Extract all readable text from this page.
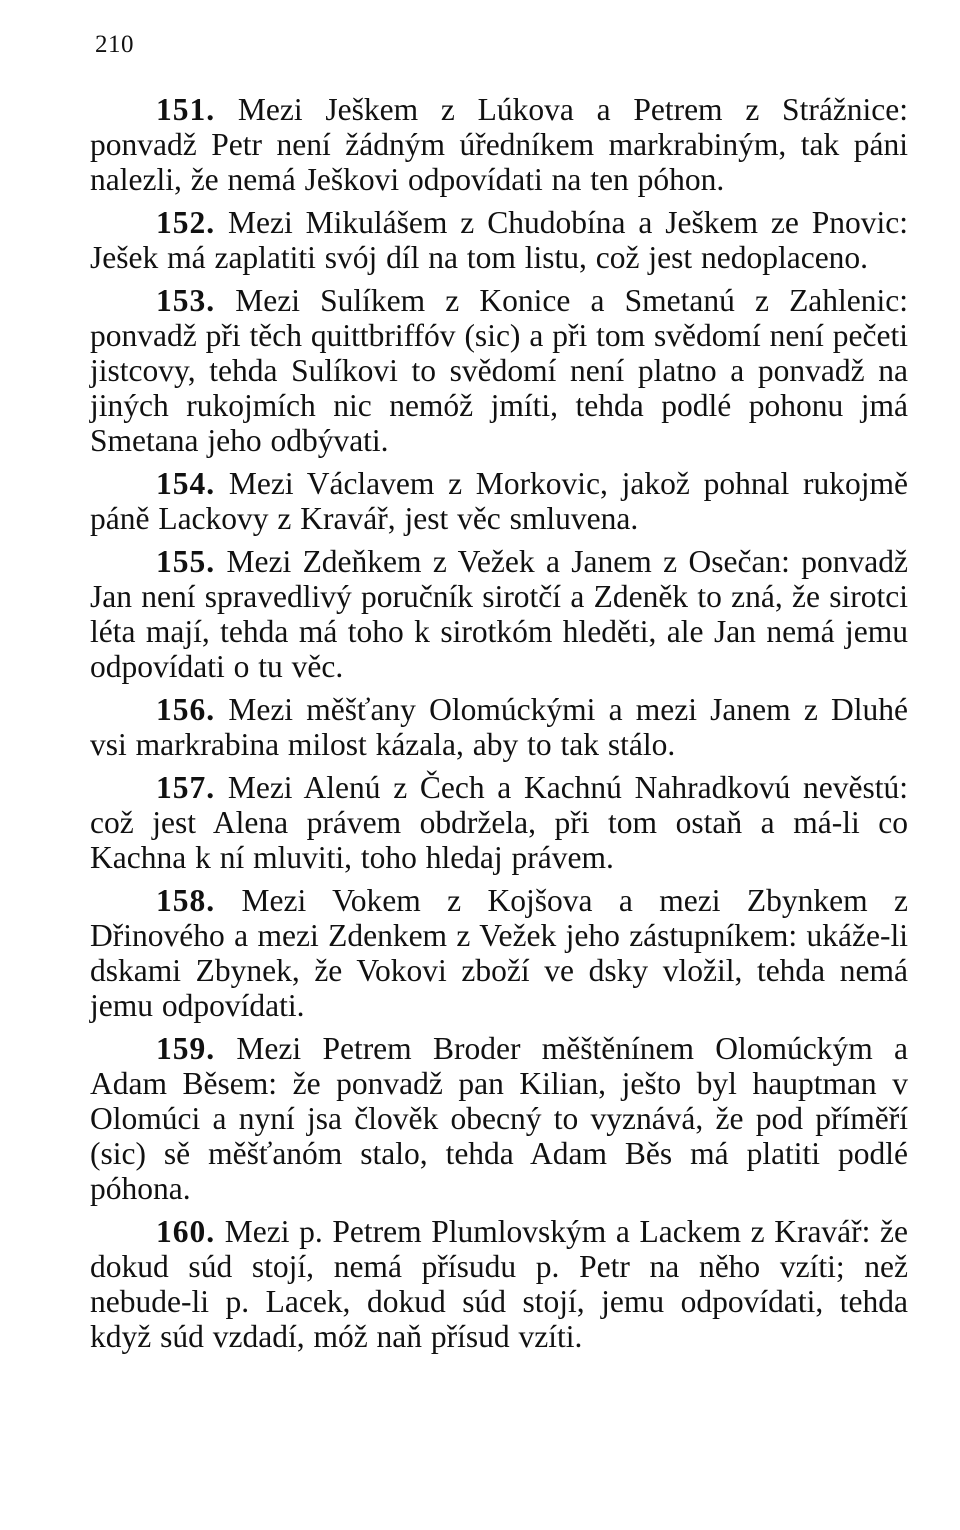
210

151. Mezi Ješkem z Lúkova a Petrem z Strážnice: ponvadž Petr není žádným úředníkem markrabiným, tak páni nalezli, že nemá Ješkovi odpovídati na ten póhon.

152. Mezi Mikulášem z Chudobína a Ješkem ze Pnovic: Ješek má zaplatiti svój díl na tom listu, což jest nedoplaceno.

153. Mezi Sulíkem z Konice a Smetanú z Zahlenic: ponvadž při těch quittbriffóv (sic) a při tom svědomí není pečeti jistcovy, tehda Sulíkovi to svědomí není platno a ponvadž na jiných rukojmích nic nemóž jmíti, tehda podlé pohonu jmá Smetana jeho odbývati.

154. Mezi Václavem z Morkovic, jakož pohnal rukojmě páně Lackovy z Kravář, jest věc smluvena.

155. Mezi Zdeňkem z Vežek a Janem z Osečan: ponvadž Jan není spravedlivý poručník sirotčí a Zdeněk to zná, že sirotci léta mají, tehda má toho k sirotkóm hleděti, ale Jan nemá jemu odpovídati o tu věc.

156. Mezi měšťany Olomúckými a mezi Janem z Dluhé vsi markrabina milost kázala, aby to tak stálo.

157. Mezi Alenú z Čech a Kachnú Nahradkovú nevěstú: což jest Alena právem obdržela, při tom ostaň a má-li co Kachna k ní mluviti, toho hledaj právem.

158. Mezi Vokem z Kojšova a mezi Zbynkem z Dřinového a mezi Zdenkem z Vežek jeho zástupníkem: ukáže-li dskami Zbynek, že Vokovi zboží ve dsky vložil, tehda nemá jemu odpovídati.

159. Mezi Petrem Broder měštěnínem Olomúckým a Adam Běsem: že ponvadž pan Kilian, ješto byl hauptman v Olomúci a nyní jsa člověk obecný to vyznává, že pod příměří (sic) sě měšťanóm stalo, tehda Adam Běs má platiti podlé póhona.

160. Mezi p. Petrem Plumlovským a Lackem z Kravář: že dokud súd stojí, nemá přísudu p. Petr na něho vzíti; než nebude-li p. Lacek, dokud súd stojí, jemu odpovídati, tehda když súd vzdadí, móž naň přísud vzíti.
